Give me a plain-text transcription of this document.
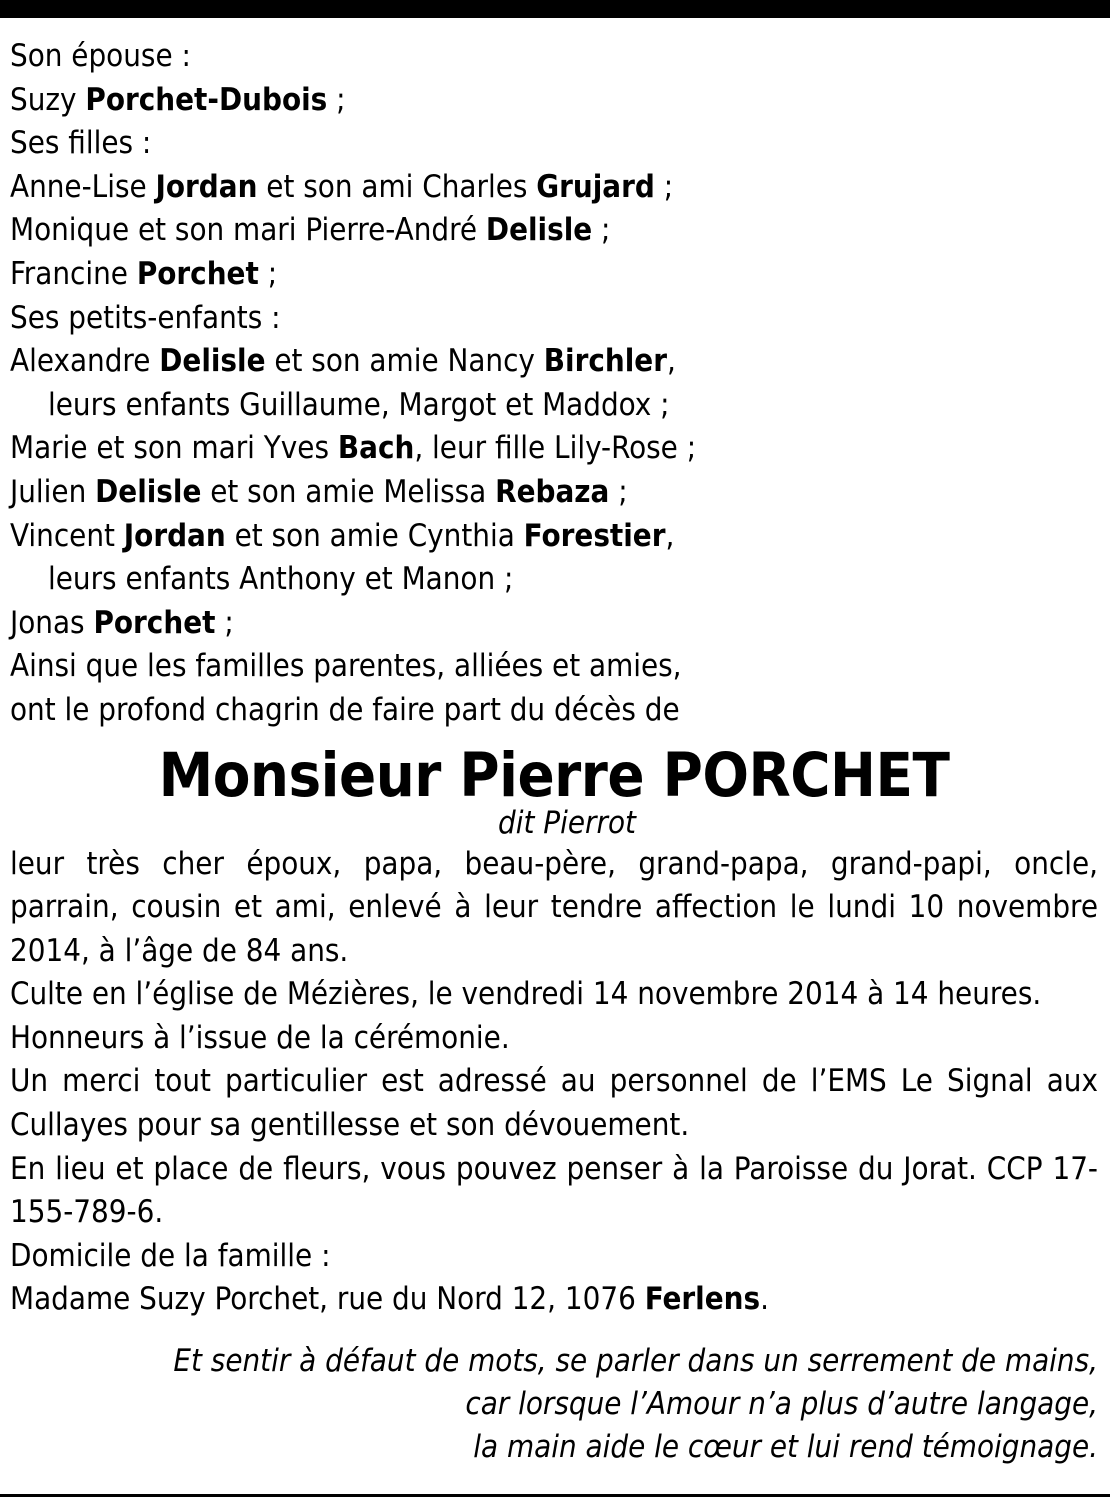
Son épouse :
Suzy Porchet-Dubois ;
Ses filles :
Anne-Lise Jordan et son ami Charles Grujard ;
Monique et son mari Pierre-André Delisle ;
Francine Porchet ;
Ses petits-enfants :
Alexandre Delisle et son amie Nancy Birchler,
leurs enfants Guillaume, Margot et Maddox ;
Marie et son mari Yves Bach, leur fille Lily-Rose ;
Julien Delisle et son amie Melissa Rebaza ;
Vincent Jordan et son amie Cynthia Forestier,
leurs enfants Anthony et Manon ;
Jonas Porchet ;
Ainsi que les familles parentes, alliées et amies,
ont le profond chagrin de faire part du décès de
Monsieur Pierre PORCHET
dit Pierrot
leur très cher époux, papa, beau-père, grand-papa, grand-papi, oncle, parrain, cousin et ami, enlevé à leur tendre affection le lundi 10 novembre 2014, à l’âge de 84 ans.
Culte en l’église de Mézières, le vendredi 14 novembre 2014 à 14 heures.
Honneurs à l’issue de la cérémonie.
Un merci tout particulier est adressé au personnel de l’EMS Le Signal aux Cullayes pour sa gentillesse et son dévouement.
En lieu et place de fleurs, vous pouvez penser à la Paroisse du Jorat. CCP 17-155-789-6.
Domicile de la famille :
Madame Suzy Porchet, rue du Nord 12, 1076 Ferlens.
Et sentir à défaut de mots, se parler dans un serrement de mains,
car lorsque l’Amour n’a plus d’autre langage,
la main aide le cœur et lui rend témoignage.
